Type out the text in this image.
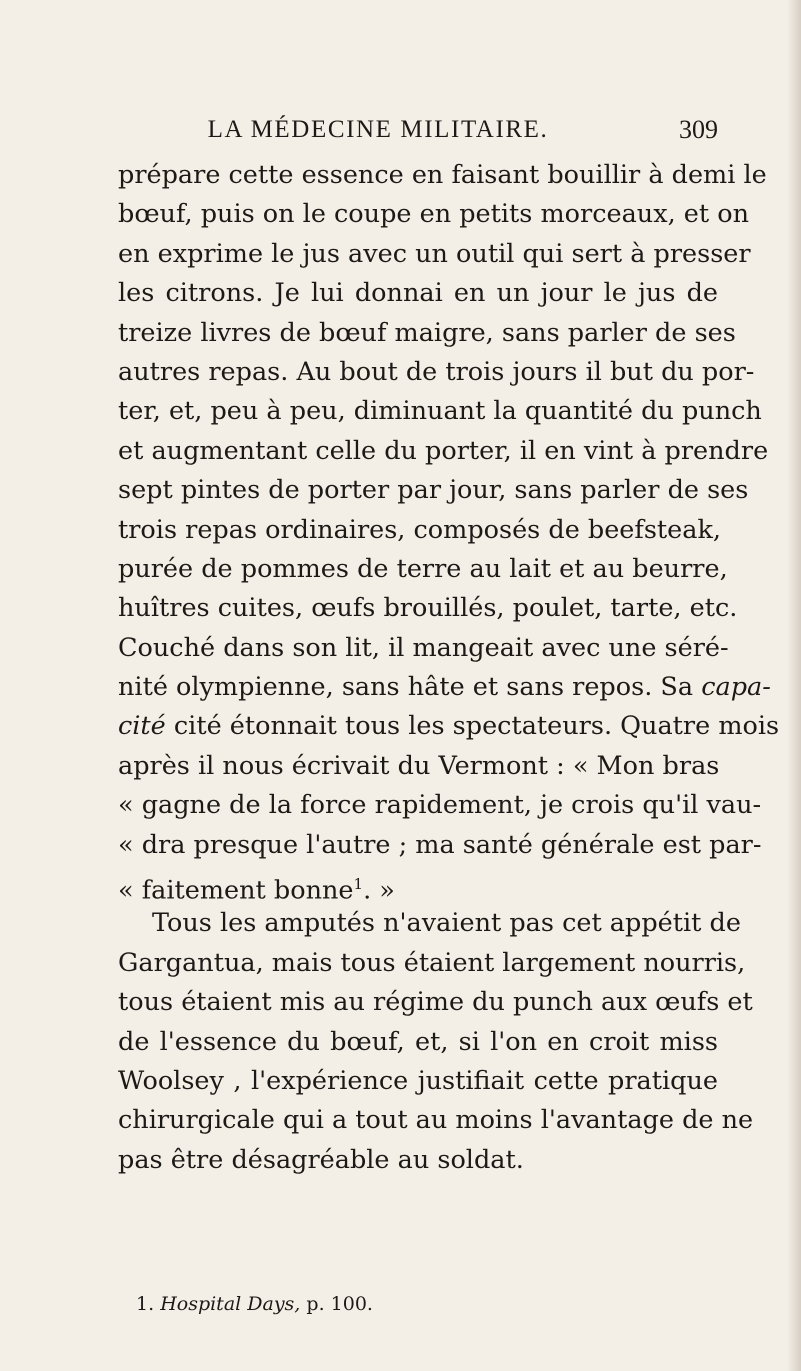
LA MÉDECINE MILITAIRE.	309
prépare cette essence en faisant bouillir à demi le
bœuf, puis on le coupe en petits morceaux, et on
en exprime le jus avec un outil qui sert à presser
les citrons. Je lui donnai en un jour le jus de
treize livres de bœuf maigre, sans parler de ses
autres repas. Au bout de trois jours il but du por-
ter, et, peu à peu, diminuant la quantité du punch
et augmentant celle du porter, il en vint à prendre
sept pintes de porter par jour, sans parler de ses
trois repas ordinaires, composés de beefsteak,
purée de pommes de terre au lait et au beurre,
huîtres cuites, œufs brouillés, poulet, tarte, etc.
Couché dans son lit, il mangeait avec une séré-
nité olympienne, sans hâte et sans repos. Sa capa-
cité cité étonnait tous les spectateurs. Quatre mois
après il nous écrivait du Vermont : « Mon bras
« gagne de la force rapidement, je crois qu'il vau-
« dra presque l'autre ; ma santé générale est par-
« faitement bonne$^1$. »
Tous les amputés n'avaient pas cet appétit de
Gargantua, mais tous étaient largement nourris,
tous étaient mis au régime du punch aux œufs et
de l'essence du bœuf, et, si l'on en croit miss
Woolsey , l'expérience justifiait cette pratique
chirurgicale qui a tout au moins l'avantage de ne
pas être désagréable au soldat.
1. Hospital Days, p. 100.
